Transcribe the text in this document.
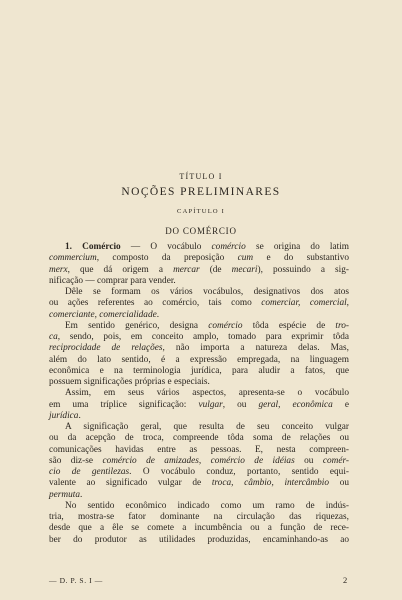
TÍTULO I
NOÇÕES PRELIMINARES
CAPÍTULO I
DO COMÉRCIO
1. Comércio — O vocábulo comércio se origina do latim
commercium, composto da preposição cum e do substantivo
merx, que dá origem a mercar (de mecari), possuindo a sig-
nificação — comprar para vender.
Dêle se formam os vários vocábulos, designativos dos atos
ou ações referentes ao comércio, tais como comerciar, comercial,
comerciante, comercialidade.
Em sentido genérico, designa comércio tôda espécie de tro-
ca, sendo, pois, em conceito amplo, tomado para exprimir tôda
reciprocidade de relações, não importa a natureza delas. Mas,
além do lato sentido, é a expressão empregada, na linguagem
econômica e na terminologia jurídica, para aludir a fatos, que
possuem significações próprias e especiais.
Assim, em seus vários aspectos, apresenta-se o vocábulo
em uma tríplice significação: vulgar, ou geral, econômica e
jurídica.
A significação geral, que resulta de seu conceito vulgar
ou da acepção de troca, compreende tôda soma de relações ou
comunicações havidas entre as pessoas. E, nesta compreen-
são diz-se comércio de amizades, comércio de idéias ou comér-
cio de gentilezas. O vocábulo conduz, portanto, sentido equi-
valente ao significado vulgar de troca, câmbio, intercâmbio ou
permuta.
No sentido econômico indicado como um ramo de indús-
tria, mostra-se fator dominante na circulação das riquezas,
desde que a êle se comete a incumbência ou a função de rece-
ber do produtor as utilidades produzidas, encaminhando-as ao
— D. P. S. I —	2
